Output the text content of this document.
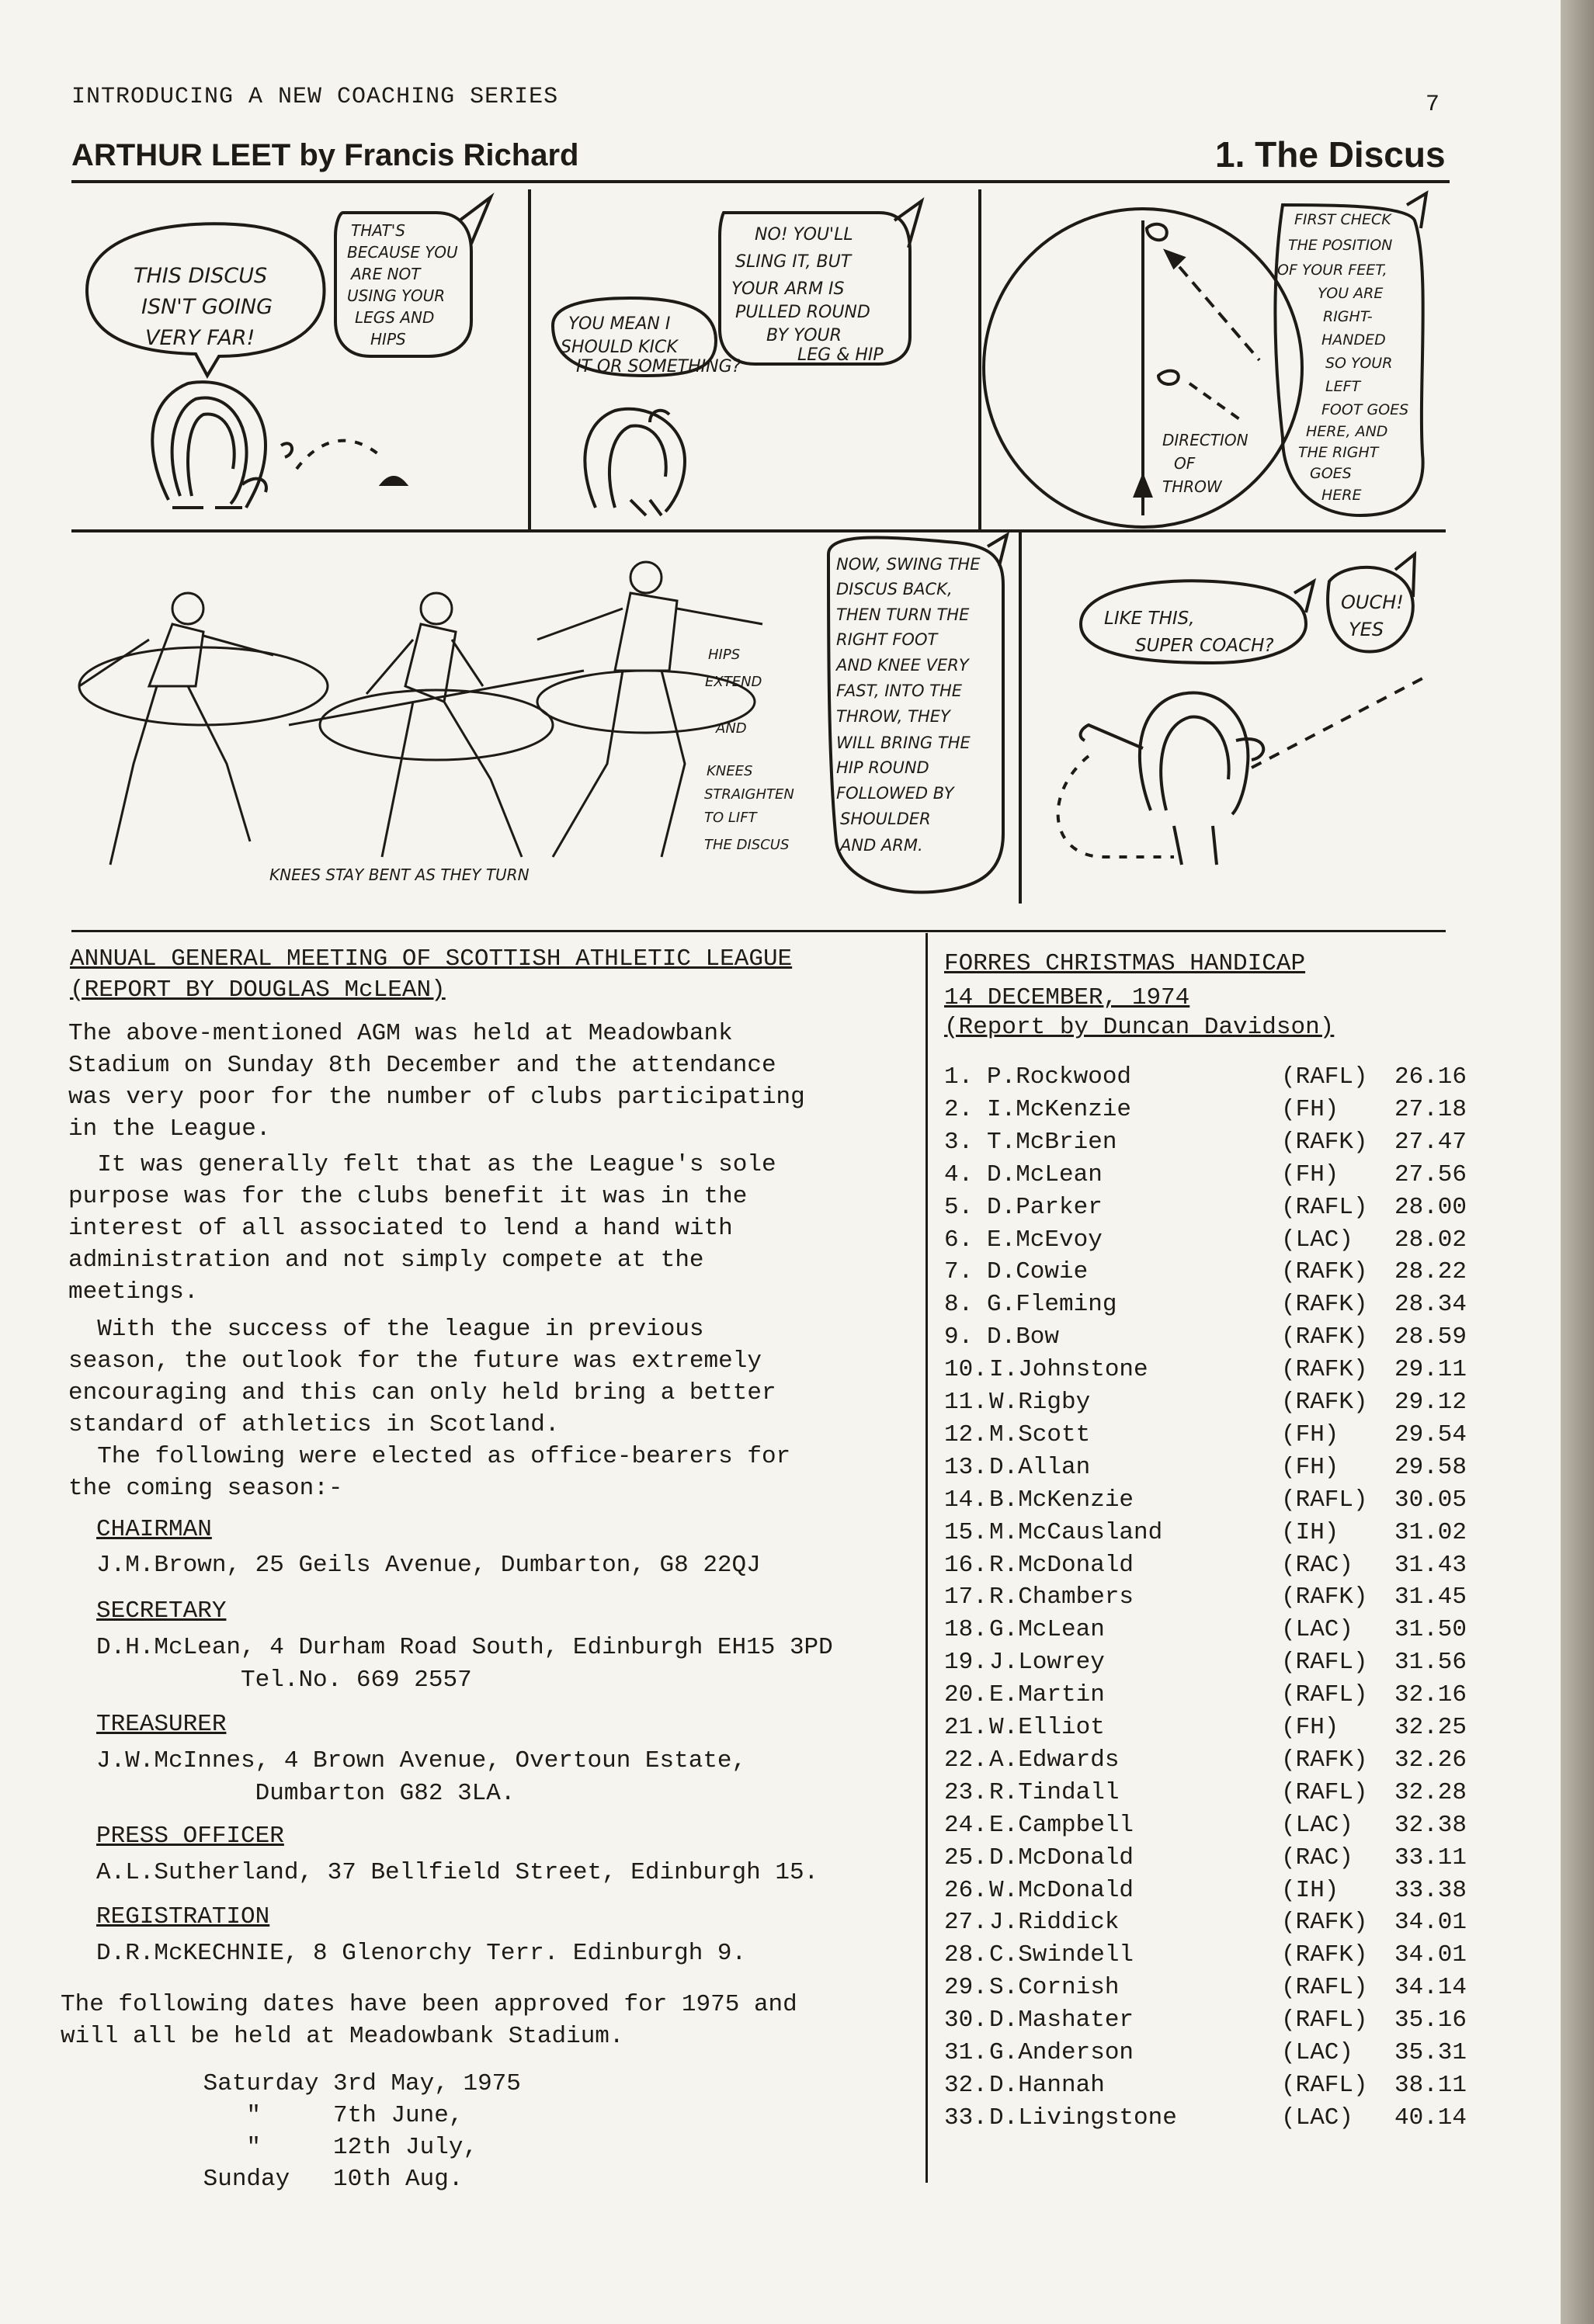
INTRODUCING A NEW COACHING SERIES	7
ARTHUR LEET by Francis Richard	1. The Discus
THIS DISCUS ISN'T GOING VERY FAR!
THAT'S BECAUSE YOU ARE NOT USING YOUR LEGS AND HIPS
YOU MEAN I SHOULD KICK IT OR SOMETHING?
NO! YOU'LL SLING IT, BUT YOUR ARM IS PULLED ROUND BY YOUR LEG & HIP
DIRECTION OF THROW
FIRST CHECK THE POSITION OF YOUR FEET, YOU ARE RIGHT- HANDED SO YOUR LEFT FOOT GOES HERE, AND THE RIGHT GOES HERE
HIPS EXTEND AND KNEES STRAIGHTEN TO LIFT THE DISCUS
KNEES STAY BENT AS THEY TURN
NOW, SWING THE DISCUS BACK, THEN TURN THE RIGHT FOOT AND KNEE VERY FAST, INTO THE THROW, THEY WILL BRING THE HIP ROUND FOLLOWED BY SHOULDER AND ARM.
LIKE THIS, SUPER COACH?
OUCH! YES
ANNUAL GENERAL MEETING OF SCOTTISH ATHLETIC LEAGUE
(REPORT BY DOUGLAS McLEAN)
The above-mentioned AGM was held at Meadowbank
Stadium on Sunday 8th December and the attendance
was very poor for the number of clubs participating
in the League.
It was generally felt that as the League's sole
purpose was for the clubs benefit it was in the
interest of all associated to lend a hand with
administration and not simply compete at the
meetings.
With the success of the league in previous
season, the outlook for the future was extremely
encouraging and this can only held bring a better
standard of athletics in Scotland.
The following were elected as office-bearers for
the coming season:-
CHAIRMAN
J.M.Brown, 25 Geils Avenue, Dumbarton, G8 22QJ
SECRETARY
D.H.McLean, 4 Durham Road South, Edinburgh EH15 3PD
Tel.No. 669 2557
TREASURER
J.W.McInnes, 4 Brown Avenue, Overtoun Estate,
Dumbarton G82 3LA.
PRESS OFFICER
A.L.Sutherland, 37 Bellfield Street, Edinburgh 15.
REGISTRATION
D.R.McKECHNIE, 8 Glenorchy Terr. Edinburgh 9.
The following dates have been approved for 1975 and
will all be held at Meadowbank Stadium.
Saturday 3rd May, 1975
"     7th June,
"     12th July,
Sunday   10th Aug.
FORRES CHRISTMAS HANDICAP
14 DECEMBER, 1974
(Report by Duncan Davidson)
1. P.Rockwood	(RAFL) 26.16
2. I.McKenzie	(FH) 27.18
3. T.McBrien	(RAFK) 27.47
4. D.McLean	(FH) 27.56
5. D.Parker	(RAFL) 28.00
6. E.McEvoy	(LAC) 28.02
7. D.Cowie	(RAFK) 28.22
8. G.Fleming	(RAFK) 28.34
9. D.Bow	(RAFK) 28.59
10. I.Johnstone	(RAFK) 29.11
11. W.Rigby	(RAFK) 29.12
12. M.Scott	(FH) 29.54
13. D.Allan	(FH) 29.58
14. B.McKenzie	(RAFL) 30.05
15. M.McCausland	(IH) 31.02
16. R.McDonald	(RAC) 31.43
17. R.Chambers	(RAFK) 31.45
18. G.McLean	(LAC) 31.50
19. J.Lowrey	(RAFL) 31.56
20. E.Martin	(RAFL) 32.16
21. W.Elliot	(FH) 32.25
22. A.Edwards	(RAFK) 32.26
23. R.Tindall	(RAFL) 32.28
24. E.Campbell	(LAC) 32.38
25. D.McDonald	(RAC) 33.11
26. W.McDonald	(IH) 33.38
27. J.Riddick	(RAFK) 34.01
28. C.Swindell	(RAFK) 34.01
29. S.Cornish	(RAFL) 34.14
30. D.Mashater	(RAFL) 35.16
31. G.Anderson	(LAC) 35.31
32. D.Hannah	(RAFL) 38.11
33. D.Livingstone	(LAC) 40.14
